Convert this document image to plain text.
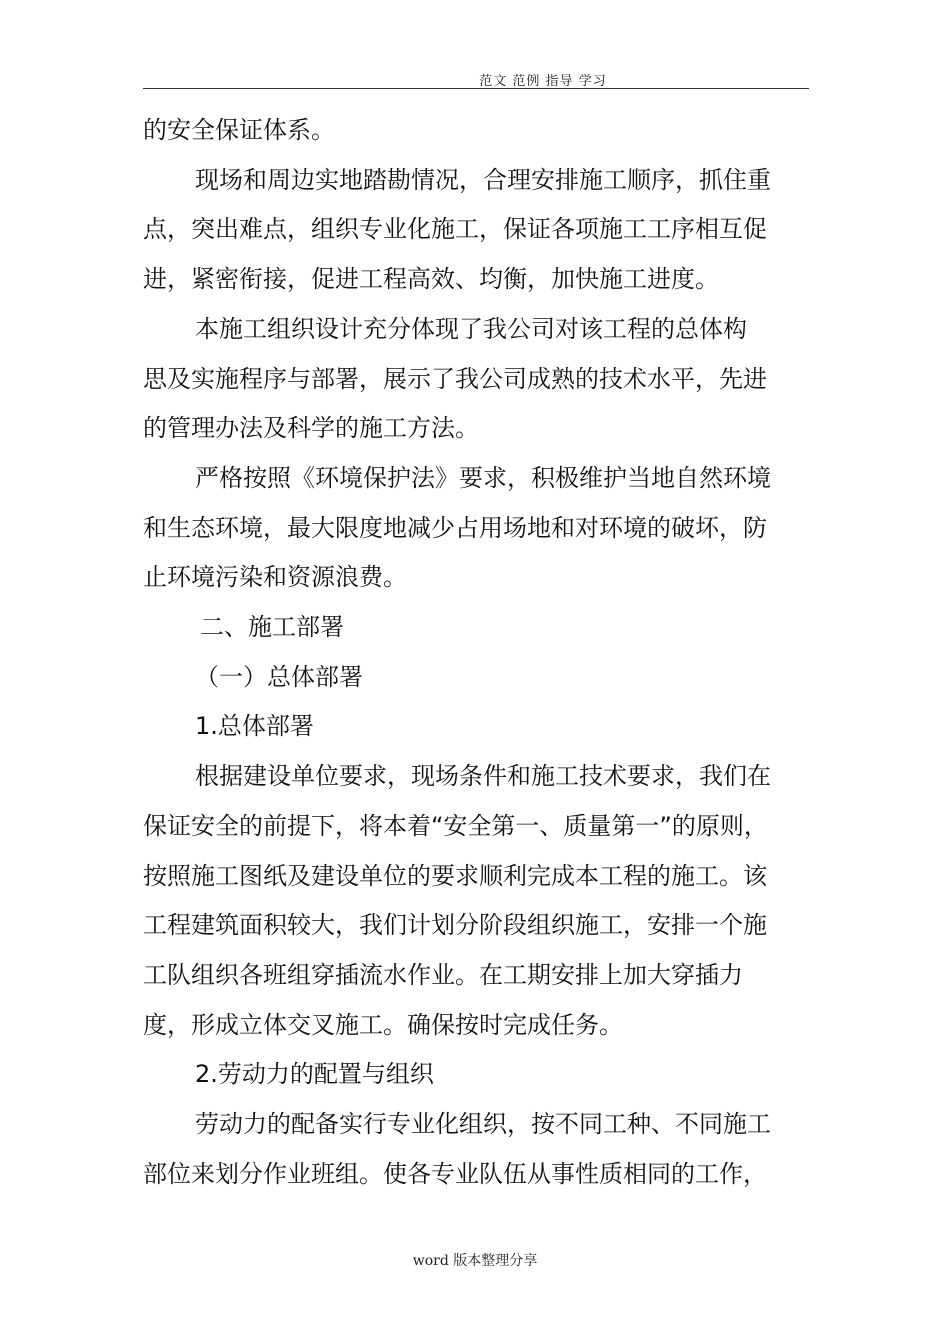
范文 范例 指导 学习
的安全保证体系。
现场和周边实地踏勘情况，合理安排施工顺序，抓住重
点，突出难点，组织专业化施工，保证各项施工工序相互促
进，紧密衔接，促进工程高效、均衡，加快施工进度。
本施工组织设计充分体现了我公司对该工程的总体构
思及实施程序与部署，展示了我公司成熟的技术水平，先进
的管理办法及科学的施工方法。
严格按照《环境保护法》要求，积极维护当地自然环境
和生态环境，最大限度地减少占用场地和对环境的破坏，防
止环境污染和资源浪费。
二、施工部署
（一）总体部署
1.总体部署
根据建设单位要求，现场条件和施工技术要求，我们在
保证安全的前提下，将本着“安全第一、质量第一”的原则，
按照施工图纸及建设单位的要求顺利完成本工程的施工。该
工程建筑面积较大，我们计划分阶段组织施工，安排一个施
工队组织各班组穿插流水作业。在工期安排上加大穿插力
度，形成立体交叉施工。确保按时完成任务。
2.劳动力的配置与组织
劳动力的配备实行专业化组织，按不同工种、不同施工
部位来划分作业班组。使各专业队伍从事性质相同的工作，
word 版本整理分享
